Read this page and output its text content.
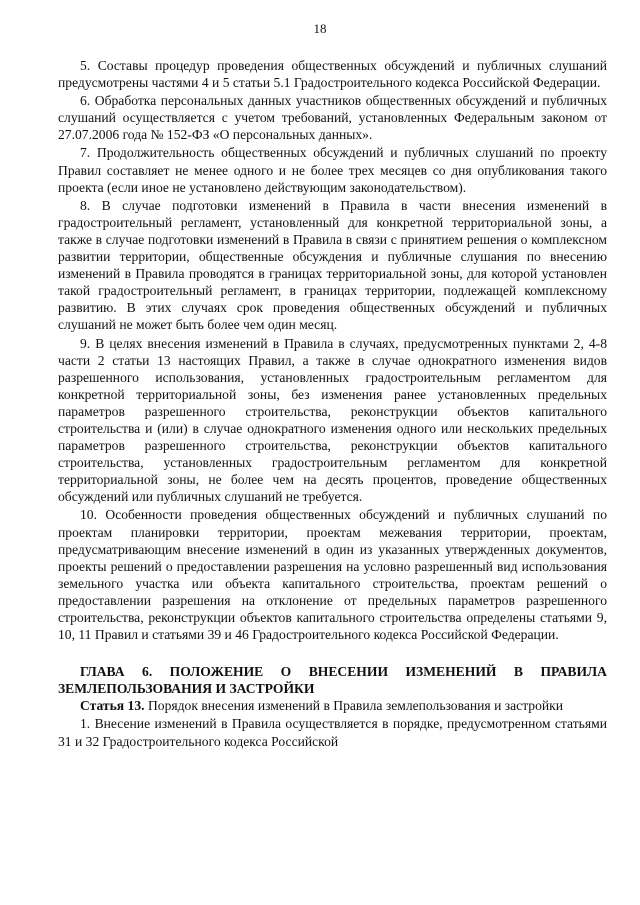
18

5. Составы процедур проведения общественных обсуждений и публичных слушаний предусмотрены частями 4 и 5 статьи 5.1 Градостроительного кодекса Российской Федерации.

6. Обработка персональных данных участников общественных обсуждений и публичных слушаний осуществляется с учетом требований, установленных Федеральным законом от 27.07.2006 года № 152-ФЗ «О персональных данных».

7. Продолжительность общественных обсуждений и публичных слушаний по проекту Правил составляет не менее одного и не более трех месяцев со дня опубликования такого проекта (если иное не установлено действующим законодательством).

8. В случае подготовки изменений в Правила в части внесения изменений в градостроительный регламент, установленный для конкретной территориальной зоны, а также в случае подготовки изменений в Правила в связи с принятием решения о комплексном развитии территории, общественные обсуждения и публичные слушания по внесению изменений в Правила проводятся в границах территориальной зоны, для которой установлен такой градостроительный регламент, в границах территории, подлежащей комплексному развитию. В этих случаях срок проведения общественных обсуждений и публичных слушаний не может быть более чем один месяц.

9. В целях внесения изменений в Правила в случаях, предусмотренных пунктами 2, 4-8 части 2 статьи 13 настоящих Правил, а также в случае однократного изменения видов разрешенного использования, установленных градостроительным регламентом для конкретной территориальной зоны, без изменения ранее установленных предельных параметров разрешенного строительства, реконструкции объектов капитального строительства и (или) в случае однократного изменения одного или нескольких предельных параметров разрешенного строительства, реконструкции объектов капитального строительства, установленных градостроительным регламентом для конкретной территориальной зоны, не более чем на десять процентов, проведение общественных обсуждений или публичных слушаний не требуется.

10. Особенности проведения общественных обсуждений и публичных слушаний по проектам планировки территории, проектам межевания территории, проектам, предусматривающим внесение изменений в один из указанных утвержденных документов, проекты решений о предоставлении разрешения на условно разрешенный вид использования земельного участка или объекта капитального строительства, проектам решений о предоставлении разрешения на отклонение от предельных параметров разрешенного строительства, реконструкции объектов капитального строительства определены статьями 9, 10, 11 Правил и статьями 39 и 46 Градостроительного кодекса Российской Федерации.

ГЛАВА 6. ПОЛОЖЕНИЕ О ВНЕСЕНИИ ИЗМЕНЕНИЙ В ПРАВИЛА ЗЕМЛЕПОЛЬЗОВАНИЯ И ЗАСТРОЙКИ

Статья 13. Порядок внесения изменений в Правила землепользования и застройки

1. Внесение изменений в Правила осуществляется в порядке, предусмотренном статьями 31 и 32 Градостроительного кодекса Российской
